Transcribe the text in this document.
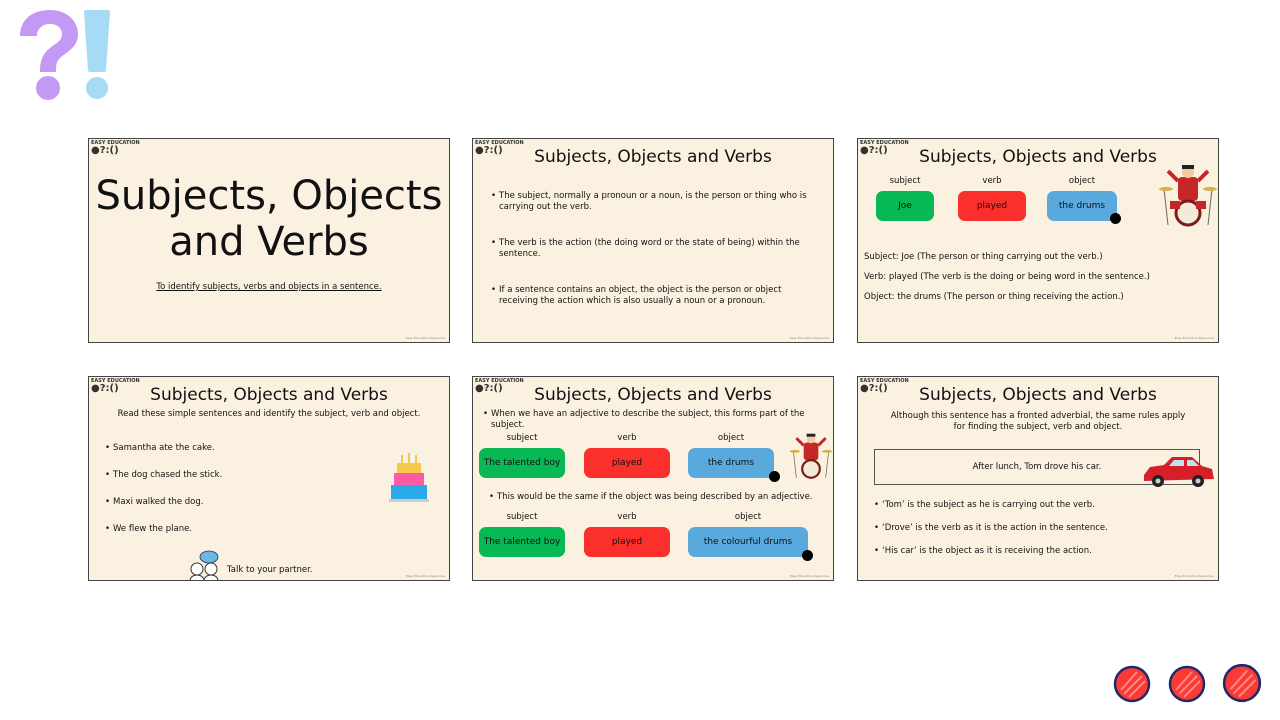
EASY EDUCATION
●?:()
Subjects, Objects
and Verbs
To identify subjects, verbs and objects in a sentence.
Easy Education Resources
EASY EDUCATION
●?:()	Subjects, Objects and Verbs
• The subject, normally a pronoun or a noun, is the person or thing who is carrying out the verb.
• The verb is the action (the doing word or the state of being) within the sentence.
• If a sentence contains an object, the object is the person or object receiving the action which is also usually a noun or a pronoun.
Easy Education Resources
EASY EDUCATION
●?:()	Subjects, Objects and Verbs
subject	verb	object
Joe	played	the drums
Subject: Joe (The person or thing carrying out the verb.)
Verb: played (The verb is the doing or being word in the sentence.)
Object: the drums (The person or thing receiving the action.)
Easy Education Resources
EASY EDUCATION
●?:()	Subjects, Objects and Verbs
Read these simple sentences and identify the subject, verb and object.
• Samantha ate the cake.
• The dog chased the stick.
• Maxi walked the dog.
• We flew the plane.
Talk to your partner.
Easy Education Resources
EASY EDUCATION
●?:()	Subjects, Objects and Verbs
• When we have an adjective to describe the subject, this forms part of the subject.
subject	verb	object
The talented boy	played	the drums
• This would be the same if the object was being described by an adjective.
subject	verb	object
The talented boy	played	the colourful drums
Easy Education Resources
EASY EDUCATION
●?:()	Subjects, Objects and Verbs
Although this sentence has a fronted adverbial, the same rules apply for finding the subject, verb and object.
After lunch, Tom drove his car.
• ‘Tom’ is the subject as he is carrying out the verb.
• ‘Drove’ is the verb as it is the action in the sentence.
• ‘His car’ is the object as it is receiving the action.
Easy Education Resources
